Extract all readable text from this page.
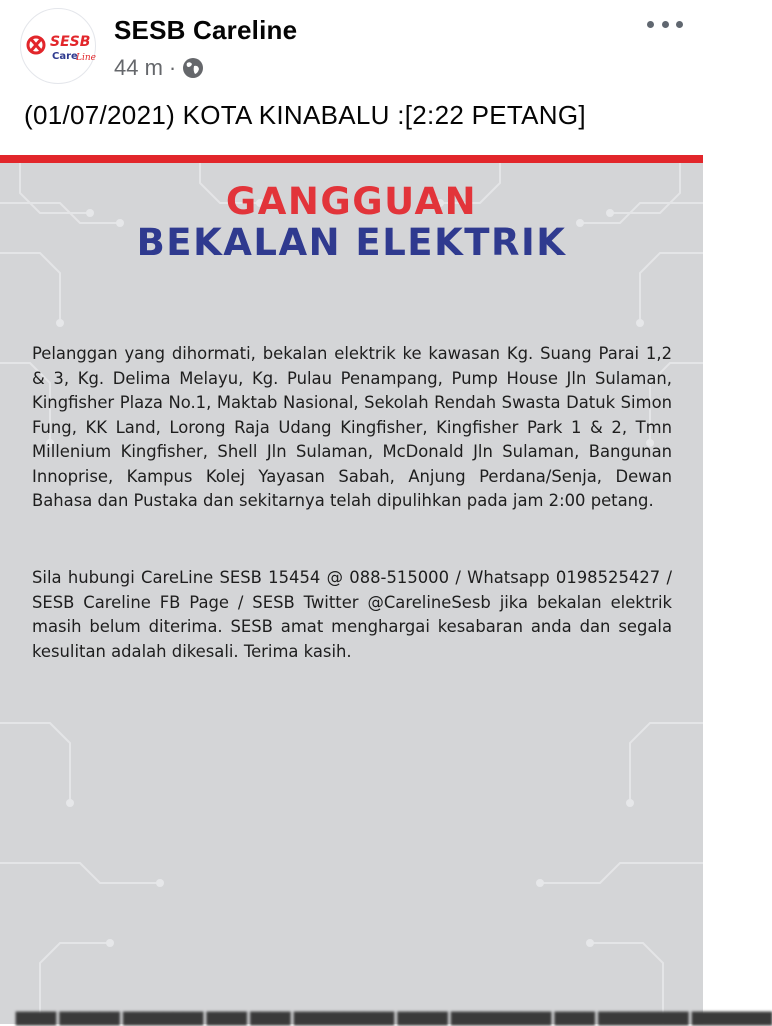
SESB
Care
Line
SESB Careline
44 m ·
(01/07/2021) KOTA KINABALU :[2:22 PETANG]
GANGGUAN
BEKALAN ELEKTRIK

Pelanggan yang dihormati, bekalan elektrik ke kawasan Kg. Suang Parai 1,2 & 3, Kg. Delima Melayu, Kg. Pulau Penampang, Pump House Jln Sulaman, Kingfisher Plaza No.1, Maktab Nasional, Sekolah Rendah Swasta Datuk Simon Fung, KK Land, Lorong Raja Udang Kingfisher, Kingfisher Park 1 & 2, Tmn Millenium Kingfisher, Shell Jln Sulaman, McDonald Jln Sulaman, Bangunan Innoprise, Kampus Kolej Yayasan Sabah, Anjung Perdana/Senja, Dewan Bahasa dan Pustaka dan sekitarnya telah dipulihkan pada jam 2:00 petang.

Sila hubungi CareLine SESB 15454 @ 088-515000 / Whatsapp 0198525427 / SESB Careline FB Page / SESB Twitter @CarelineSesb jika bekalan elektrik masih belum diterima. SESB amat menghargai kesabaran anda dan segala kesulitan adalah dikesali. Terima kasih.

▇▇▇▇ ▇▇▇▇▇▇ ▇▇▇▇▇▇▇▇ ▇▇▇▇ ▇▇▇▇ ▇▇▇▇▇▇▇▇▇▇ ▇▇▇▇▇ ▇▇▇▇▇▇▇▇▇▇ ▇▇▇▇ ▇▇▇▇▇▇▇▇▇ ▇▇▇▇▇▇▇▇
